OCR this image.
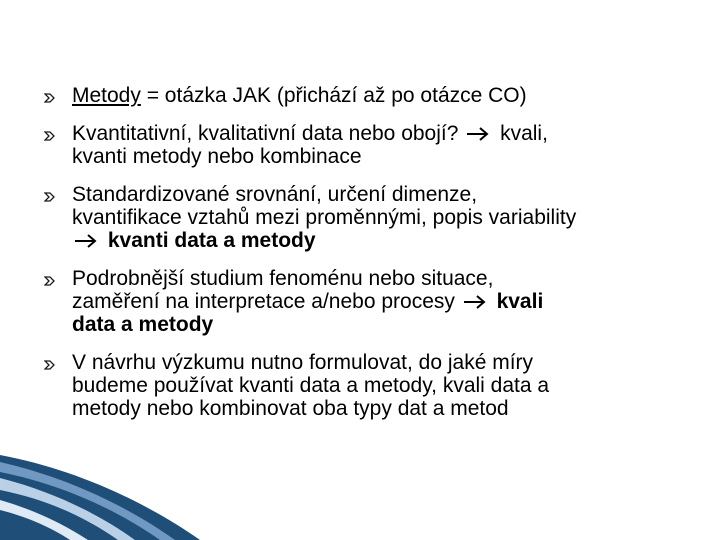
Metody = otázka JAK (přichází až po otázce CO)
Kvantitativní, kvalitativní data nebo obojí?  kvali,
kvanti metody nebo kombinace
Standardizované srovnání, určení dimenze,
kvantifikace vztahů mezi proměnnými, popis variability
kvanti data a metody
Podrobnější studium fenoménu nebo situace,
zaměření na interpretace a/nebo procesy  kvali
data a metody
V návrhu výzkumu nutno formulovat, do jaké míry
budeme používat kvanti data a metody, kvali data a
metody nebo kombinovat oba typy dat a metod
